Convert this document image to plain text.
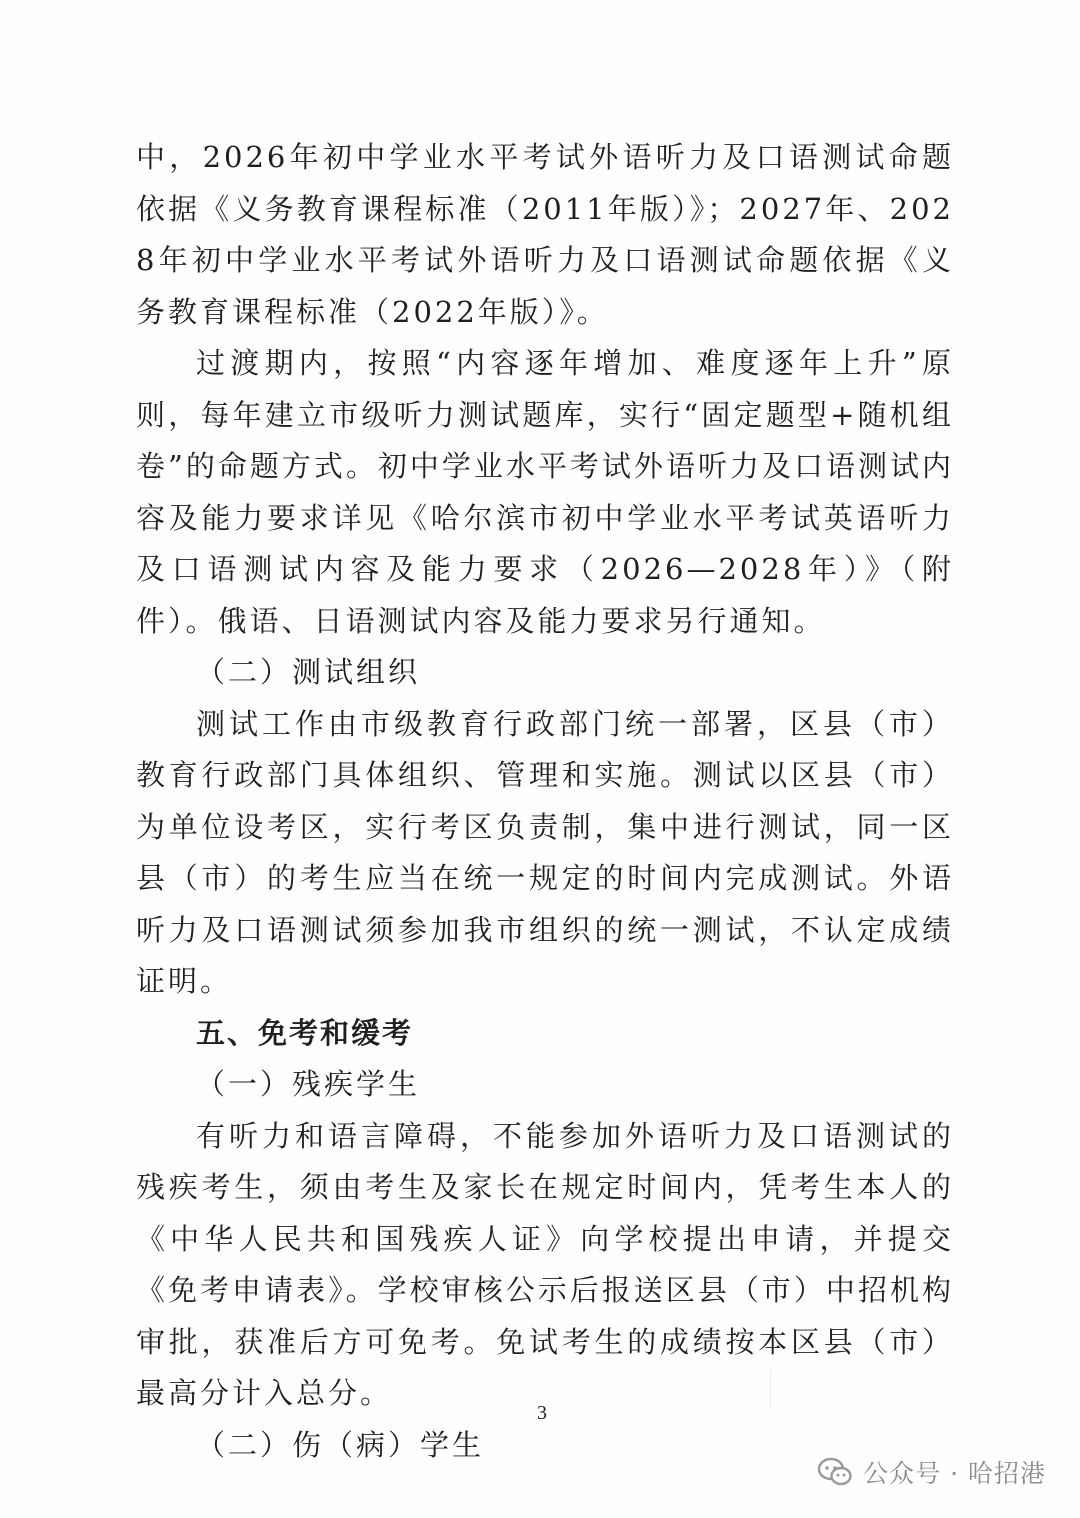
中，2026年初中学业水平考试外语听力及口语测试命题依据《义务教育课程标准（2011年版）》；2027年、2028年初中学业水平考试外语听力及口语测试命题依据《义务教育课程标准（2022年版）》。

过渡期内，按照“内容逐年增加、难度逐年上升”原则，每年建立市级听力测试题库，实行“固定题型+随机组卷”的命题方式。初中学业水平考试外语听力及口语测试内容及能力要求详见《哈尔滨市初中学业水平考试英语听力及口语测试内容及能力要求（2026—2028年）》（附件）。俄语、日语测试内容及能力要求另行通知。

（二）测试组织

测试工作由市级教育行政部门统一部署，区县（市）教育行政部门具体组织、管理和实施。测试以区县（市）为单位设考区，实行考区负责制，集中进行测试，同一区县（市）的考生应当在统一规定的时间内完成测试。外语听力及口语测试须参加我市组织的统一测试，不认定成绩证明。

五、免考和缓考

（一）残疾学生

有听力和语言障碍，不能参加外语听力及口语测试的残疾考生，须由考生及家长在规定时间内，凭考生本人的《中华人民共和国残疾人证》向学校提出申请，并提交《免考申请表》。学校审核公示后报送区县（市）中招机构审批，获准后方可免考。免试考生的成绩按本区县（市）最高分计入总分。

（二）伤（病）学生

3
公众号 · 哈招港
